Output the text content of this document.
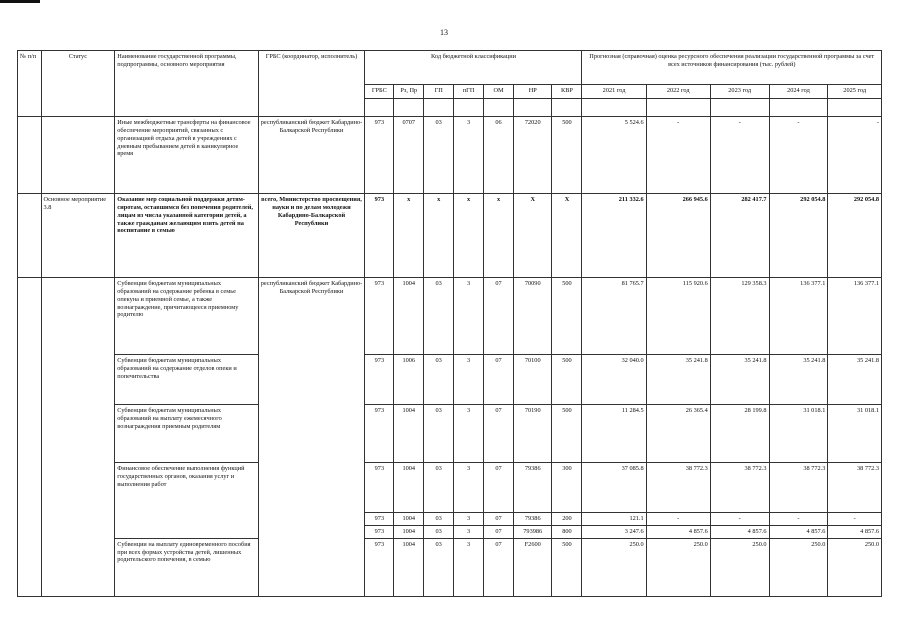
13
№ п/п	Статус	Наименование государственной программы, подпрограммы, основного мероприятия	ГРБС (координатор, исполнитель)	Код бюджетной классификации							Прогнозная (справочная) оценка ресурсного обеспечения реализации государственной программы за счет всех источников финансирования (тыс. рублей)				
				ГРБС	Рз, Пр	ГП	пГП	ОМ	НР	КВР	2021 год	2022 год	2023 год	2024 год	2025 год

		Иные межбюджетные трансферты на финансовое обеспечение мероприятий, связанных с организацией отдыха детей в учреждениях с дневным пребыванием детей в каникулярное время	республиканский бюджет Кабардино-Балкарской Республики	973	0707	03	3	06	72020	500	5 524.6	-	-	-	-
	Основное мероприятие 3.8	Оказание мер социальной поддержки детям- сиротам, оставшимся без попечения родителей, лицам из числа указанной категории детей, а также гражданам желающим взять детей на воспитание в семью	всего, Министерство просвещения, науки и по делам молодежи Кабардино-Балкарской Республики	973	х	х	х	х	Х	Х	211 332.6	266 945.6	282 417.7	292 054.8	292 054.8
		Субвенции бюджетам муниципальных образований на содержание ребенка в семье опекуна и приемной семье, а также вознаграждение, причитающееся приемному родителю	республиканский бюджет Кабардино-Балкарской Республики	973	1004	03	3	07	70090	500	81 765.7	115 920.6	129 358.3	136 377.1	136 377.1
		Субвенции бюджетам муниципальных образований на содержание отделов опеки и попечительства		973	1006	03	3	07	70100	500	32 040.0	35 241.8	35 241.8	35 241.8	35 241.8
		Субвенции бюджетам муниципальных образований на выплату ежемесячного вознаграждения приемным родителям		973	1004	03	3	07	70190	500	11 284.5	26 365.4	28 199.8	31 018.1	31 018.1
		Финансовое обеспечение выполнения функций государственных органов, оказания услуг и выполнения работ		973	1004	03	3	07	79386	300	37 085.8	38 772.3	38 772.3	38 772.3	38 772.3
				973	1004	03	3	07	79386	200	121.1	-	-	-	-
				973	1004	03	3	07	793986	800	3 247.6	4 857.6	4 857.6	4 857.6	4 857.6
		Субвенции на выплату единовременного пособия при всех формах устройства детей, лишенных родительского попечения, в семью		973	1004	03	3	07	F2600	500	250.0	250.0	250.0	250.0	250.0
